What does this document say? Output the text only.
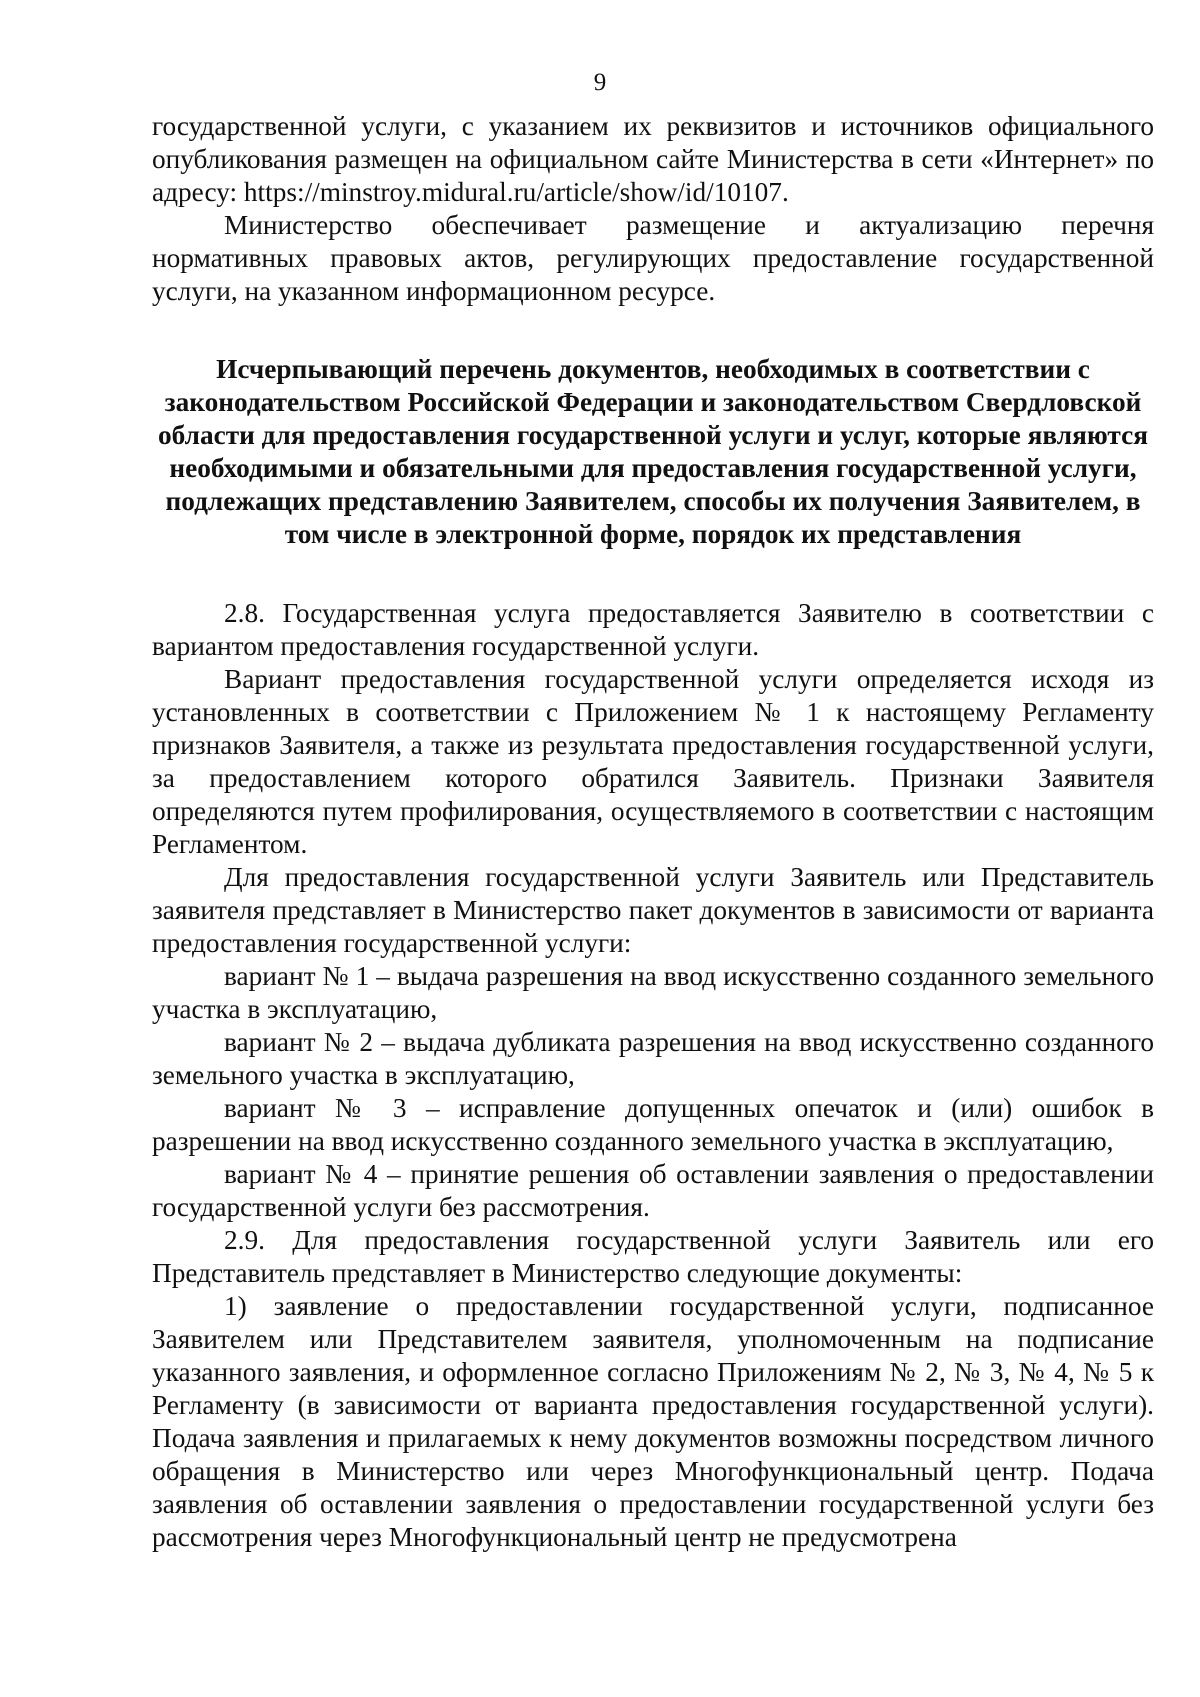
9

государственной услуги, с указанием их реквизитов и источников официального опубликования размещен на официальном сайте Министерства в сети «Интернет» по адресу: https://minstroy.midural.ru/article/show/id/10107.

Министерство обеспечивает размещение и актуализацию перечня нормативных правовых актов, регулирующих предоставление государственной услуги, на указанном информационном ресурсе.

Исчерпывающий перечень документов, необходимых в соответствии с законодательством Российской Федерации и законодательством Свердловской области для предоставления государственной услуги и услуг, которые являются необходимыми и обязательными для предоставления государственной услуги, подлежащих представлению Заявителем, способы их получения Заявителем, в том числе в электронной форме, порядок их представления

2.8. Государственная услуга предоставляется Заявителю в соответствии с вариантом предоставления государственной услуги.

Вариант предоставления государственной услуги определяется исходя из установленных в соответствии с Приложением № 1 к настоящему Регламенту признаков Заявителя, а также из результата предоставления государственной услуги, за предоставлением которого обратился Заявитель. Признаки Заявителя определяются путем профилирования, осуществляемого в соответствии с настоящим Регламентом.

Для предоставления государственной услуги Заявитель или Представитель заявителя представляет в Министерство пакет документов в зависимости от варианта предоставления государственной услуги:

вариант № 1 – выдача разрешения на ввод искусственно созданного земельного участка в эксплуатацию,

вариант № 2 – выдача дубликата разрешения на ввод искусственно созданного земельного участка в эксплуатацию,

вариант № 3 – исправление допущенных опечаток и (или) ошибок в разрешении на ввод искусственно созданного земельного участка в эксплуатацию,

вариант № 4 – принятие решения об оставлении заявления о предоставлении государственной услуги без рассмотрения.

2.9. Для предоставления государственной услуги Заявитель или его Представитель представляет в Министерство следующие документы:

1) заявление о предоставлении государственной услуги, подписанное Заявителем или Представителем заявителя, уполномоченным на подписание указанного заявления, и оформленное согласно Приложениям № 2, № 3, № 4, № 5 к Регламенту (в зависимости от варианта предоставления государственной услуги). Подача заявления и прилагаемых к нему документов возможны посредством личного обращения в Министерство или через Многофункциональный центр. Подача заявления об оставлении заявления о предоставлении государственной услуги без рассмотрения через Многофункциональный центр не предусмотрена
